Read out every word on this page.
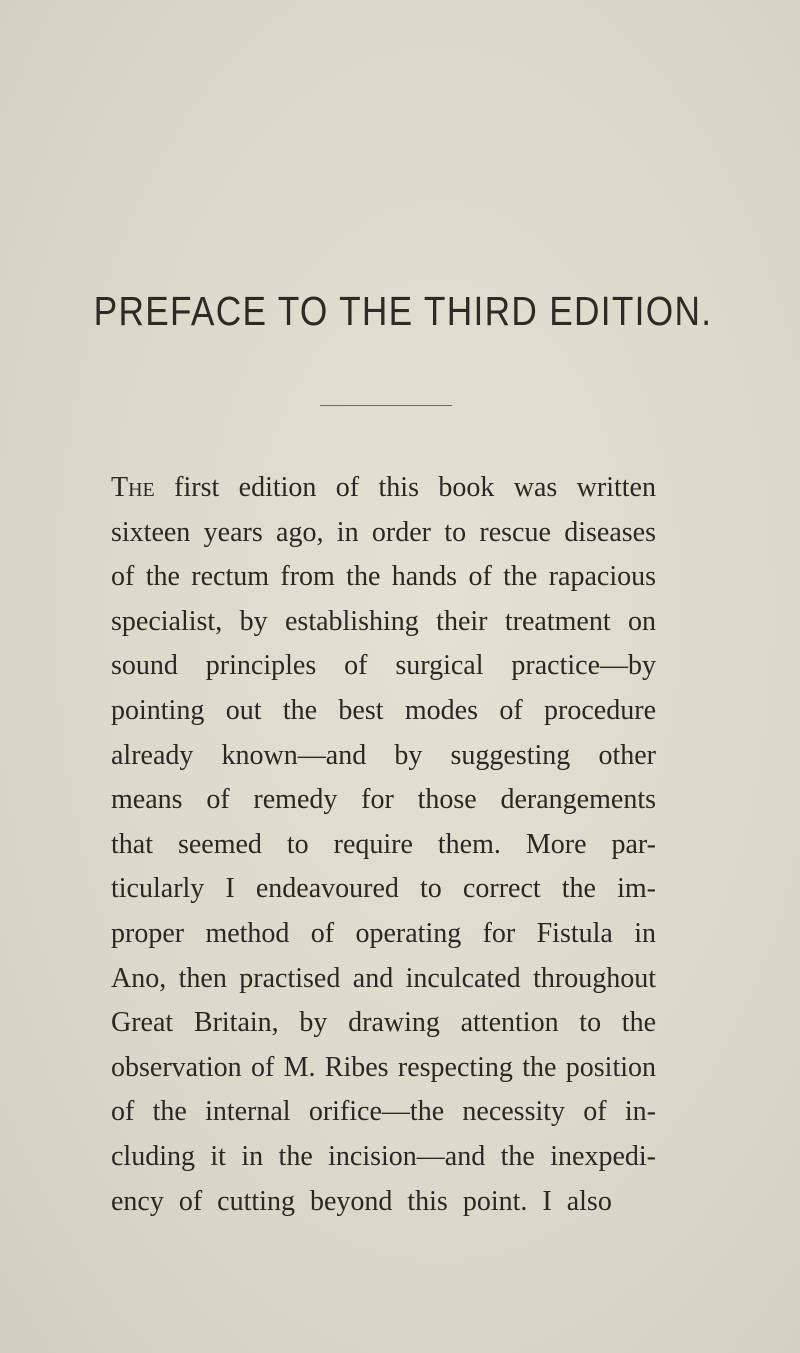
PREFACE TO THE THIRD EDITION.
The first edition of this book was written
sixteen years ago, in order to rescue diseases
of the rectum from the hands of the rapacious
specialist, by establishing their treatment on
sound principles of surgical practice—by
pointing out the best modes of procedure
already known—and by suggesting other
means of remedy for those derangements
that seemed to require them. More par-
ticularly I endeavoured to correct the im-
proper method of operating for Fistula in
Ano, then practised and inculcated throughout
Great Britain, by drawing attention to the
observation of M. Ribes respecting the position
of the internal orifice—the necessity of in-
cluding it in the incision—and the inexpedi-
ency of cutting beyond this point. I also
